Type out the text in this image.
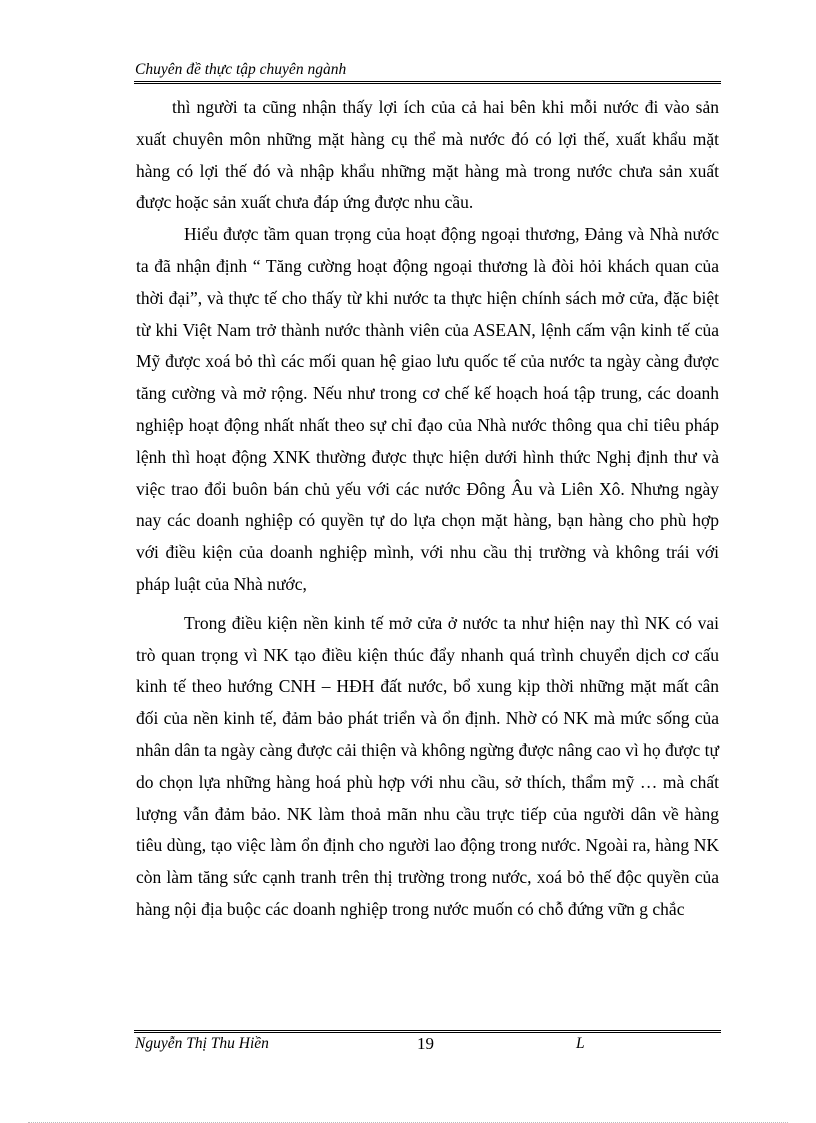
Chuyên đề thực tập chuyên ngành

thì người ta cũng nhận thấy lợi ích của cả hai bên khi mỗi nước đi vào sản xuất chuyên môn những mặt hàng cụ thể mà nước đó có lợi thế, xuất khẩu mặt hàng có lợi thế đó và nhập khẩu những mặt hàng mà trong nước chưa sản xuất được hoặc sản xuất chưa đáp ứng được nhu cầu.

Hiểu được tầm quan trọng của hoạt động ngoại thương, Đảng và Nhà nước ta đã nhận định “ Tăng cường hoạt động ngoại thương là đòi hỏi khách quan của thời đại”, và thực tế cho thấy từ khi nước ta thực hiện chính sách mở cửa, đặc biệt từ khi Việt Nam trở thành nước thành viên của ASEAN, lệnh cấm vận kinh tế của Mỹ được xoá bỏ thì các mối quan hệ giao lưu quốc tế của nước ta ngày càng được tăng cường và mở rộng. Nếu như trong cơ chế kế hoạch hoá tập trung, các doanh nghiệp hoạt động nhất nhất theo sự chỉ đạo của Nhà nước thông qua chỉ tiêu pháp lệnh thì hoạt động XNK thường được thực hiện dưới hình thức Nghị định thư và việc trao đổi buôn bán chủ yếu với các nước Đông Âu và Liên Xô. Nhưng ngày nay các doanh nghiệp có quyền tự do lựa chọn mặt hàng, bạn hàng cho phù hợp với điều kiện của doanh nghiệp mình, với nhu cầu thị trường và không trái với pháp luật của Nhà nước,

Trong điều kiện nền kinh tế mở cửa ở nước ta như hiện nay thì NK có vai trò quan trọng vì NK tạo điều kiện thúc đẩy nhanh quá trình chuyển dịch cơ cấu kinh tế theo hướng CNH – HĐH đất nước, bổ xung kịp thời những mặt mất cân đối của nền kinh tế, đảm bảo phát triển và ổn định. Nhờ có NK mà mức sống của nhân dân ta ngày càng được cải thiện và không ngừng được nâng cao vì họ được tự do chọn lựa những hàng hoá phù hợp với nhu cầu, sở thích, thẩm mỹ … mà chất lượng vẫn đảm bảo. NK làm thoả mãn nhu cầu trực tiếp của người dân về hàng tiêu dùng, tạo việc làm ổn định cho người lao động trong nước. Ngoài ra, hàng NK còn làm tăng sức cạnh tranh trên thị trường trong nước, xoá bỏ thế độc quyền của hàng nội địa buộc các doanh nghiệp trong nước muốn có chỗ đứng vữn g chắc

Nguyễn Thị Thu Hiền	19	L
